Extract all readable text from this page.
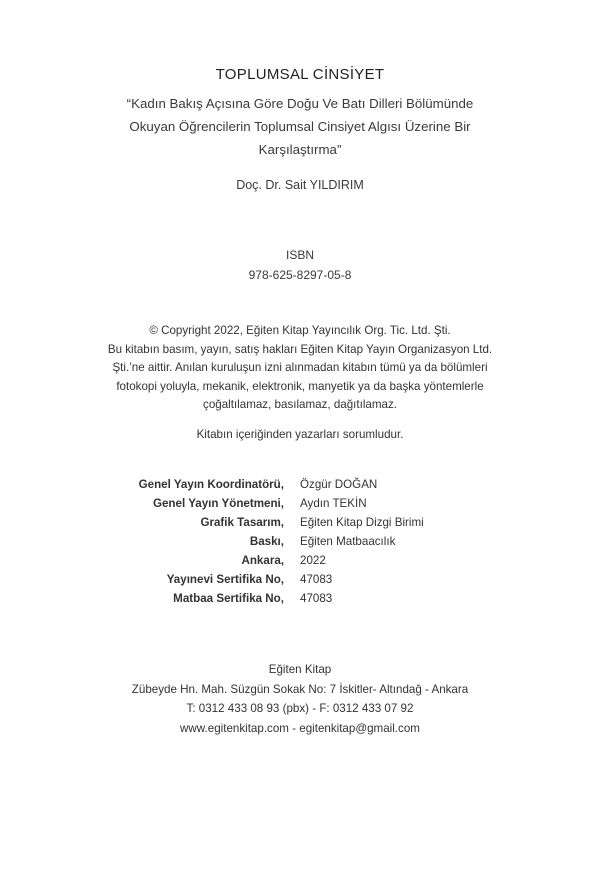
TOPLUMSAL CİNSİYET
“Kadın Bakış Açısına Göre Doğu Ve Batı Dilleri Bölümünde
Okuyan Öğrencilerin Toplumsal Cinsiyet Algısı Üzerine Bir
Karşılaştırma”
Doç. Dr. Sait YILDIRIM
ISBN
978-625-8297-05-8
© Copyright 2022, Eğiten Kitap Yayıncılık Org. Tic. Ltd. Şti.
Bu kitabın basım, yayın, satış hakları Eğiten Kitap Yayın Organizasyon Ltd.
Şti.’ne aittir. Anılan kuruluşun izni alınmadan kitabın tümü ya da bölümleri
fotokopi yoluyla, mekanik, elektronik, manyetik ya da başka yöntemlerle
çoğaltılamaz, basılamaz, dağıtılamaz.
Kitabın içeriğinden yazarları sorumludur.
Genel Yayın Koordinatörü, Özgür DOĞAN
Genel Yayın Yönetmeni, Aydın TEKİN
Grafik Tasarım, Eğiten Kitap Dizgi Birimi
Baskı, Eğiten Matbaacılık
Ankara, 2022
Yayınevi Sertifika No, 47083
Matbaa Sertifika No, 47083
Eğiten Kitap
Zübeyde Hn. Mah. Süzgün Sokak No: 7 İskitler- Altındağ - Ankara
T: 0312 433 08 93 (pbx) - F: 0312 433 07 92
www.egitenkitap.com - egitenkitap@gmail.com
